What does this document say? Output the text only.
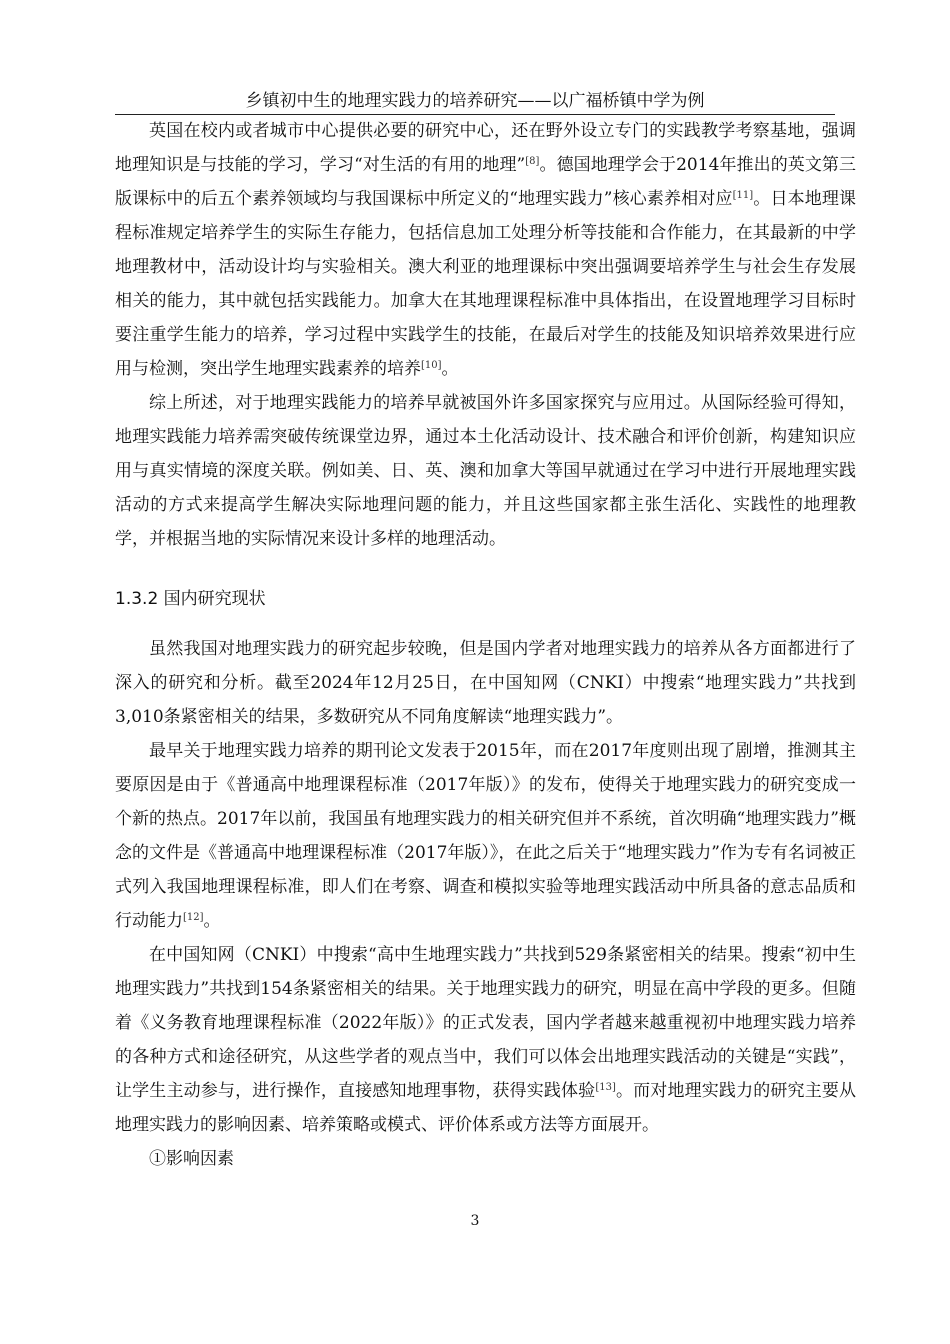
乡镇初中生的地理实践力的培养研究——以广福桥镇中学为例

英国在校内或者城市中心提供必要的研究中心，还在野外设立专门的实践教学考察基地，强调地理知识是与技能的学习，学习“对生活的有用的地理”[8]。德国地理学会于2014年推出的英文第三版课标中的后五个素养领域均与我国课标中所定义的“地理实践力”核心素养相对应[11]。日本地理课程标准规定培养学生的实际生存能力，包括信息加工处理分析等技能和合作能力，在其最新的中学地理教材中，活动设计均与实验相关。澳大利亚的地理课标中突出强调要培养学生与社会生存发展相关的能力，其中就包括实践能力。加拿大在其地理课程标准中具体指出，在设置地理学习目标时要注重学生能力的培养，学习过程中实践学生的技能，在最后对学生的技能及知识培养效果进行应用与检测，突出学生地理实践素养的培养[10]。

综上所述，对于地理实践能力的培养早就被国外许多国家探究与应用过。从国际经验可得知，地理实践能力培养需突破传统课堂边界，通过本土化活动设计、技术融合和评价创新，构建知识应用与真实情境的深度关联。例如美、日、英、澳和加拿大等国早就通过在学习中进行开展地理实践活动的方式来提高学生解决实际地理问题的能力，并且这些国家都主张生活化、实践性的地理教学，并根据当地的实际情况来设计多样的地理活动。

1.3.2 国内研究现状

虽然我国对地理实践力的研究起步较晚，但是国内学者对地理实践力的培养从各方面都进行了深入的研究和分析。截至2024年12月25日，在中国知网（CNKI）中搜索“地理实践力”共找到3,010条紧密相关的结果，多数研究从不同角度解读“地理实践力”。

最早关于地理实践力培养的期刊论文发表于2015年，而在2017年度则出现了剧增，推测其主要原因是由于《普通高中地理课程标准（2017年版）》的发布，使得关于地理实践力的研究变成一个新的热点。2017年以前，我国虽有地理实践力的相关研究但并不系统，首次明确“地理实践力”概念的文件是《普通高中地理课程标准（2017年版）》，在此之后关于“地理实践力”作为专有名词被正式列入我国地理课程标准，即人们在考察、调查和模拟实验等地理实践活动中所具备的意志品质和行动能力[12]。

在中国知网（CNKI）中搜索“高中生地理实践力”共找到529条紧密相关的结果。搜索“初中生地理实践力”共找到154条紧密相关的结果。关于地理实践力的研究，明显在高中学段的更多。但随着《义务教育地理课程标准（2022年版）》的正式发表，国内学者越来越重视初中地理实践力培养的各种方式和途径研究，从这些学者的观点当中，我们可以体会出地理实践活动的关键是“实践”，让学生主动参与，进行操作，直接感知地理事物，获得实践体验[13]。而对地理实践力的研究主要从地理实践力的影响因素、培养策略或模式、评价体系或方法等方面展开。

①影响因素

3
